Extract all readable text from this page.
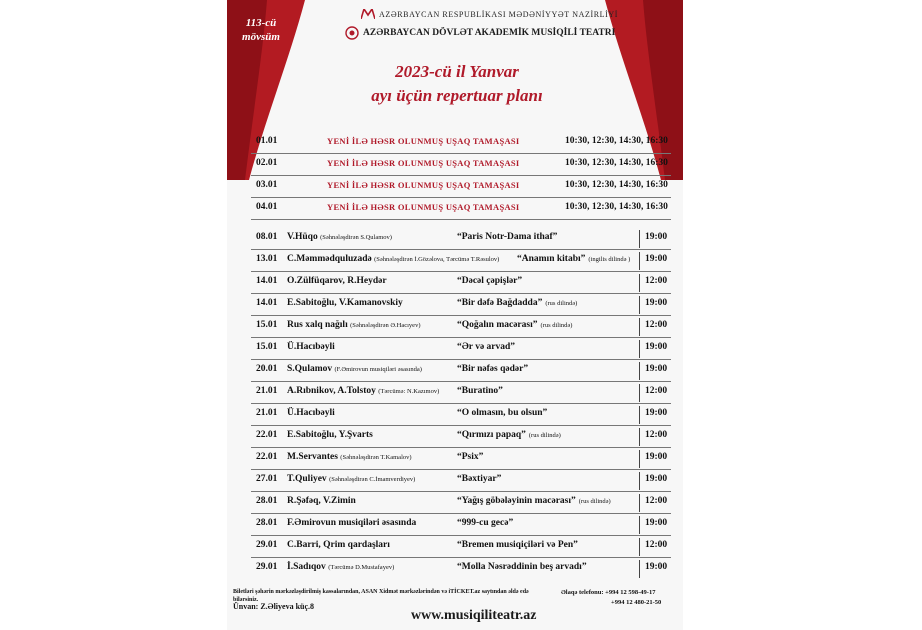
113-cü mövsüm
AZƏRBAYCAN RESPUBLİKASI MƏDƏNİYYƏT NAZİRLİYİ
AZƏRBAYCAN DÖVLƏT AKADEMİK MUSİQİLİ TEATRI
2023-cü il Yanvar
ayı üçün repertuar planı
01.01	YENİ İLƏ HƏSR OLUNMUŞ UŞAQ TAMAŞASI	10:30, 12:30, 14:30, 16:30
02.01	YENİ İLƏ HƏSR OLUNMUŞ UŞAQ TAMAŞASI	10:30, 12:30, 14:30, 16:30
03.01	YENİ İLƏ HƏSR OLUNMUŞ UŞAQ TAMAŞASI	10:30, 12:30, 14:30, 16:30
04.01	YENİ İLƏ HƏSR OLUNMUŞ UŞAQ TAMAŞASI	10:30, 12:30, 14:30, 16:30
08.01 V.Hüqo (Səhnələşdirən S.Qulamov)	“Paris Notr-Dama ithaf”	19:00
13.01 C.Məmmədquluzadə (Səhnələşdirən İ.Gözəlova, Tərcümə T.Rəsulov) “Anamın kitabı” (ingilis dilində ) 19:00
14.01 O.Zülfüqarov, R.Heydər	“Dəcəl çəpişlər”	12:00
14.01 E.Sabitoğlu, V.Kamanovskiy	“Bir dəfə Bağdadda” (rus dilində)	19:00
15.01 Rus xalq nağılı (Səhnələşdirən Ə.Hacıyev)	“Qoğalın macərası” (rus dilində)	12:00
15.01 Ü.Hacıbəyli	“Ər və arvad”	19:00
20.01 S.Qulamov (F.Əmirovun musiqiləri əsasında)	“Bir nəfəs qədər”	19:00
21.01 A.Rıbnikov, A.Tolstoy (Tərcümə: N.Kazımov) “Buratino”	12:00
21.01 Ü.Hacıbəyli	“O olmasın, bu olsun”	19:00
22.01 E.Sabitoğlu, Y.Şvarts	“Qırmızı papaq” (rus dilində)	12:00
22.01 M.Servantes (Səhnələşdirən T.Kamalov)	“Psix”	19:00
27.01 T.Quliyev (Səhnələşdirən C.İmamverdiyev)	“Bəxtiyar”	19:00
28.01 R.Şəfəq, V.Zimin	“Yağış göbələyinin macərası” (rus dilində)	12:00
28.01 F.Əmirovun musiqiləri əsasında	“999-cu gecə”	19:00
29.01 C.Barri, Qrim qardaşları	“Bremen musiqiçiləri və Pen”	12:00
29.01 İ.Sadıqov (Tərcümə D.Mustafayev)	“Molla Nəsrəddinin beş arvadı”	19:00
Biletləri şəhərin mərkəzləşdirilmiş kassalarından, ASAN Xidmət mərkəzlərindən və iTİCKET.az saytından əldə edə bilərsiniz.
Əlaqə telefonu: +994 12 598-49-17
+994 12 480-21-50
Ünvan: Z.Əliyeva küç.8
www.musiqiliteatr.az
